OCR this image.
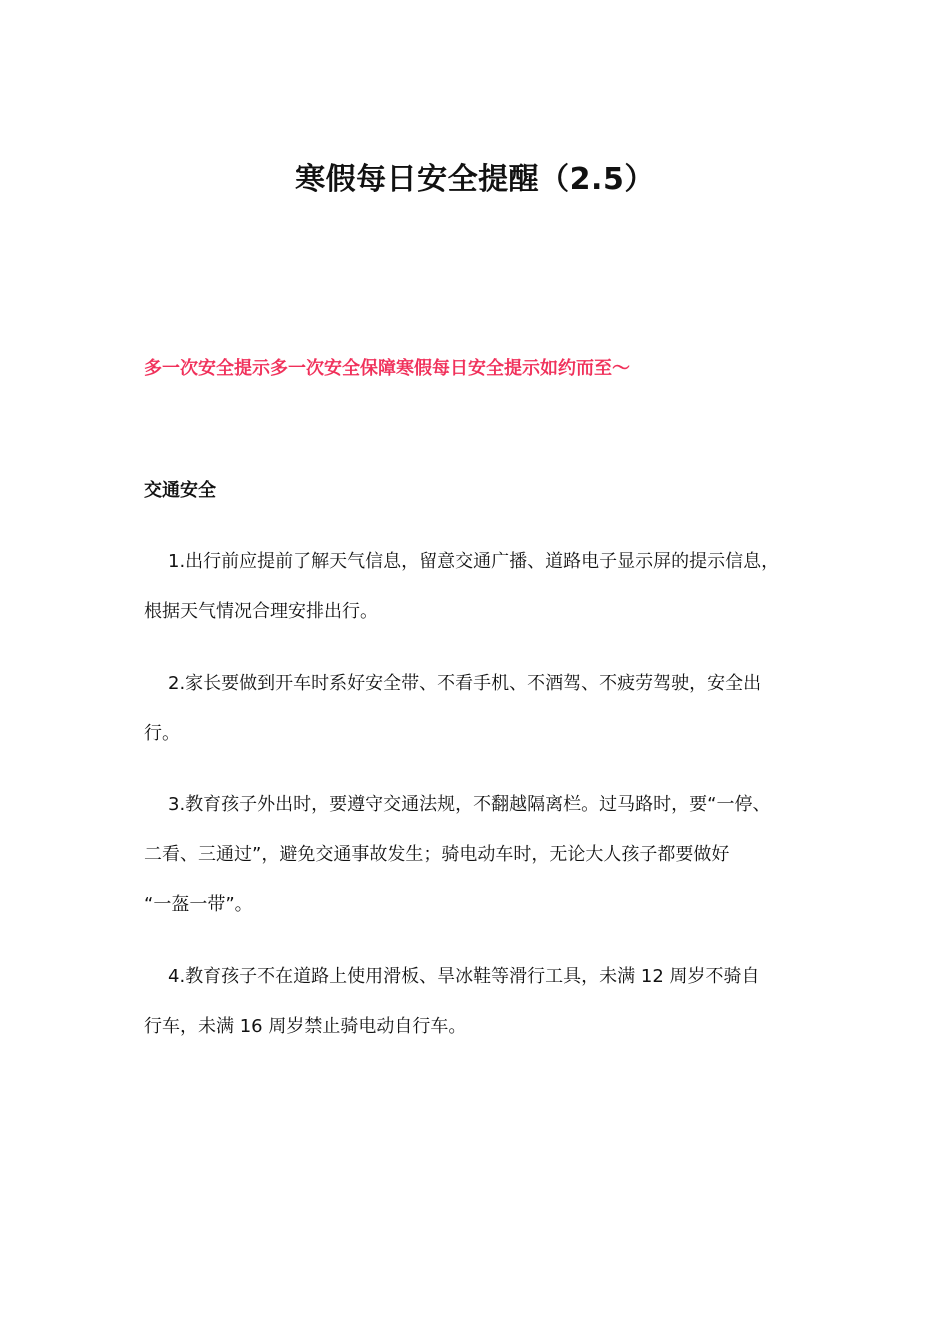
寒假每日安全提醒（2.5）
多一次安全提示多一次安全保障寒假每日安全提示如约而至～
交通安全
1.出行前应提前了解天气信息，留意交通广播、道路电子显示屏的提示信息，
根据天气情况合理安排出行。
2.家长要做到开车时系好安全带、不看手机、不酒驾、不疲劳驾驶，安全出
行。
3.教育孩子外出时，要遵守交通法规，不翻越隔离栏。过马路时，要“一停、
二看、三通过”，避免交通事故发生；骑电动车时，无论大人孩子都要做好
“一盔一带”。
4.教育孩子不在道路上使用滑板、旱冰鞋等滑行工具，未满 12 周岁不骑自
行车，未满 16 周岁禁止骑电动自行车。
